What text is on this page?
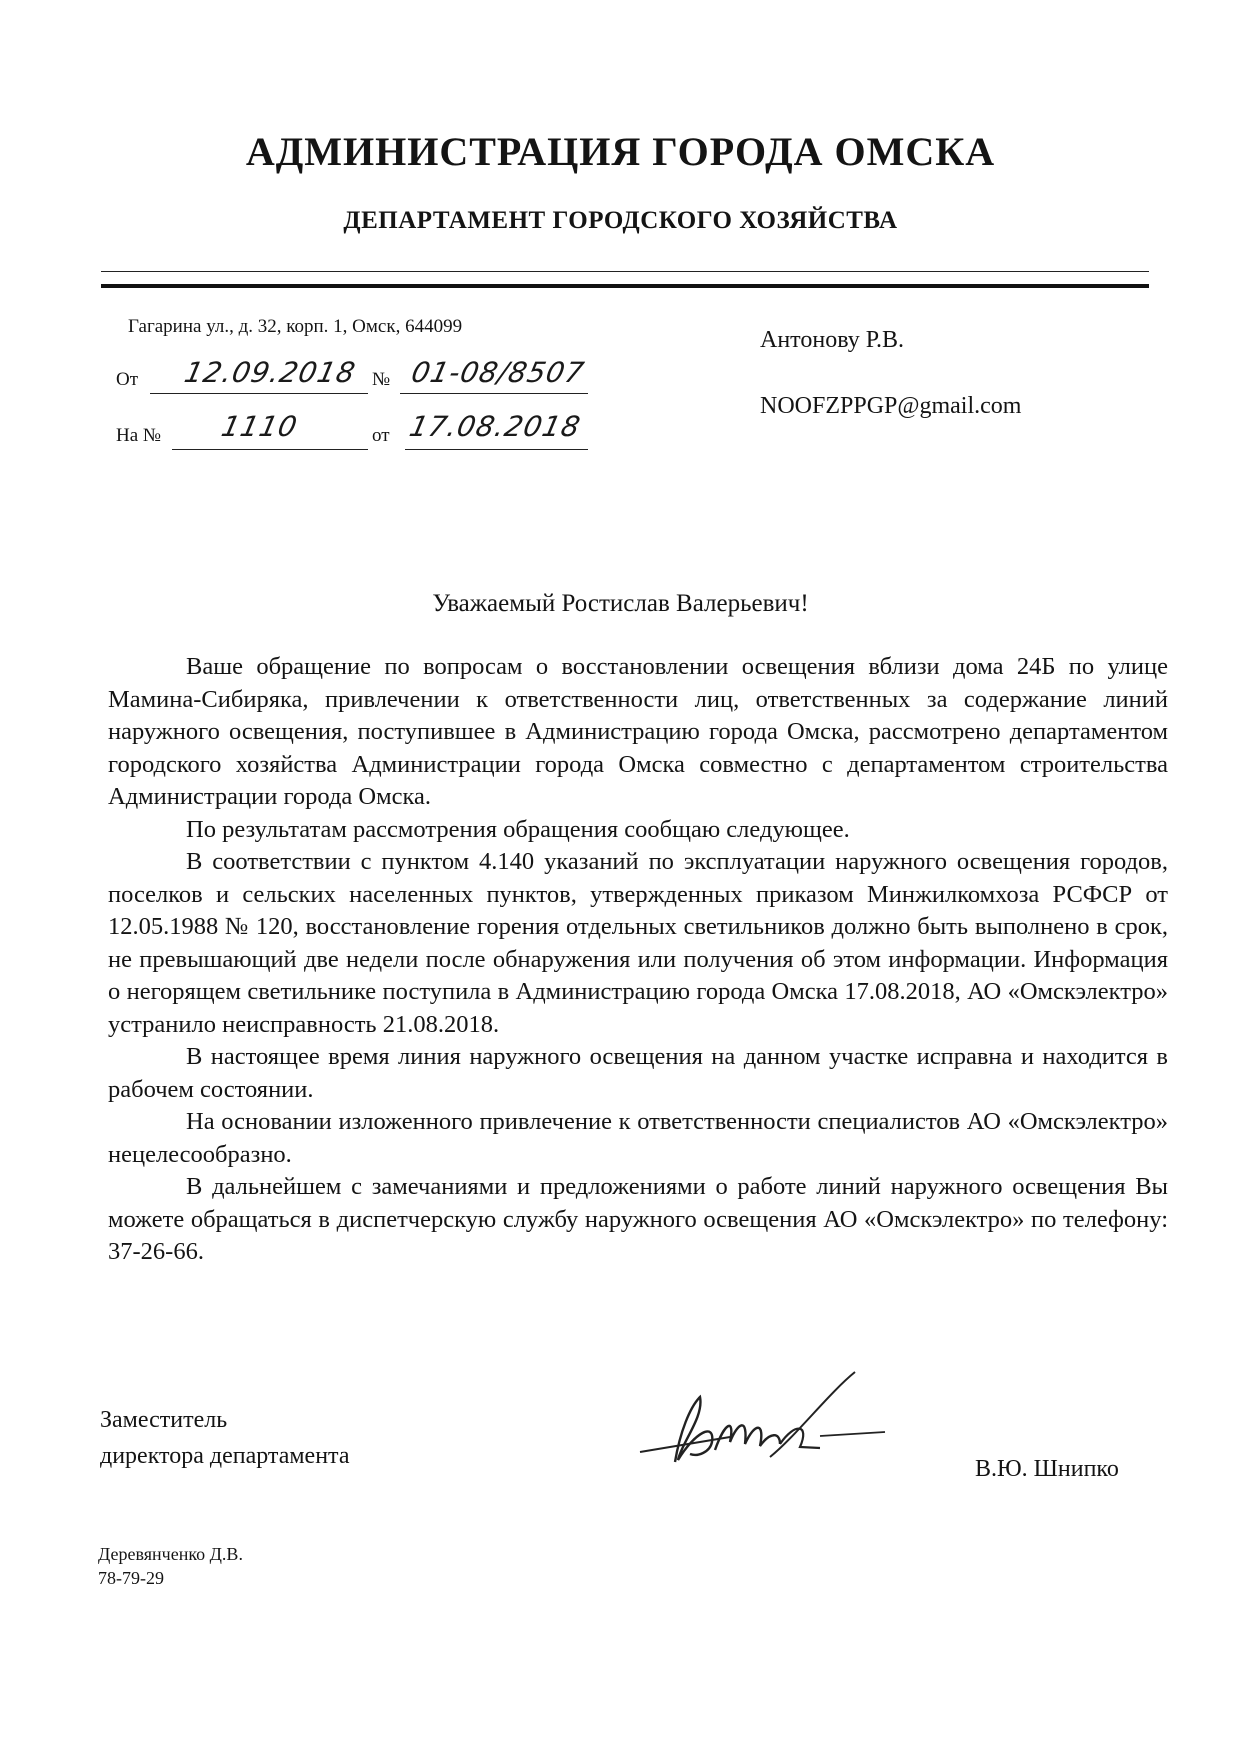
АДМИНИСТРАЦИЯ ГОРОДА ОМСКА
ДЕПАРТАМЕНТ ГОРОДСКОГО ХОЗЯЙСТВА
Гагарина ул., д. 32, корп. 1, Омск, 644099
От 12.09.2018 № 01-08/8507
На № 1110	от 17.08.2018
Антонову Р.В.
NOOFZPPGP@gmail.com
Уважаемый Ростислав Валерьевич!

Ваше обращение по вопросам о восстановлении освещения вблизи дома 24Б по улице Мамина-Сибиряка, привлечении к ответственности лиц, ответственных за содержание линий наружного освещения, поступившее в Администрацию города Омска, рассмотрено департаментом городского хозяйства Администрации города Омска совместно с департаментом строительства Администрации города Омска.

По результатам рассмотрения обращения сообщаю следующее.

В соответствии с пунктом 4.140 указаний по эксплуатации наружного освещения городов, поселков и сельских населенных пунктов, утвержденных приказом Минжилкомхоза РСФСР от 12.05.1988 № 120, восстановление горения отдельных светильников должно быть выполнено в срок, не превышающий две недели после обнаружения или получения об этом информации. Информация о негорящем светильнике поступила в Администрацию города Омска 17.08.2018, АО «Омскэлектро» устранило неисправность 21.08.2018.

В настоящее время линия наружного освещения на данном участке исправна и находится в рабочем состоянии.

На основании изложенного привлечение к ответственности специалистов АО «Омскэлектро» нецелесообразно.

В дальнейшем с замечаниями и предложениями о работе линий наружного освещения Вы можете обращаться в диспетчерскую службу наружного освещения АО «Омскэлектро» по телефону: 37-26-66.

Заместитель
директора департамента	В.Ю. Шнипко
Деревянченко Д.В.
78-79-29
